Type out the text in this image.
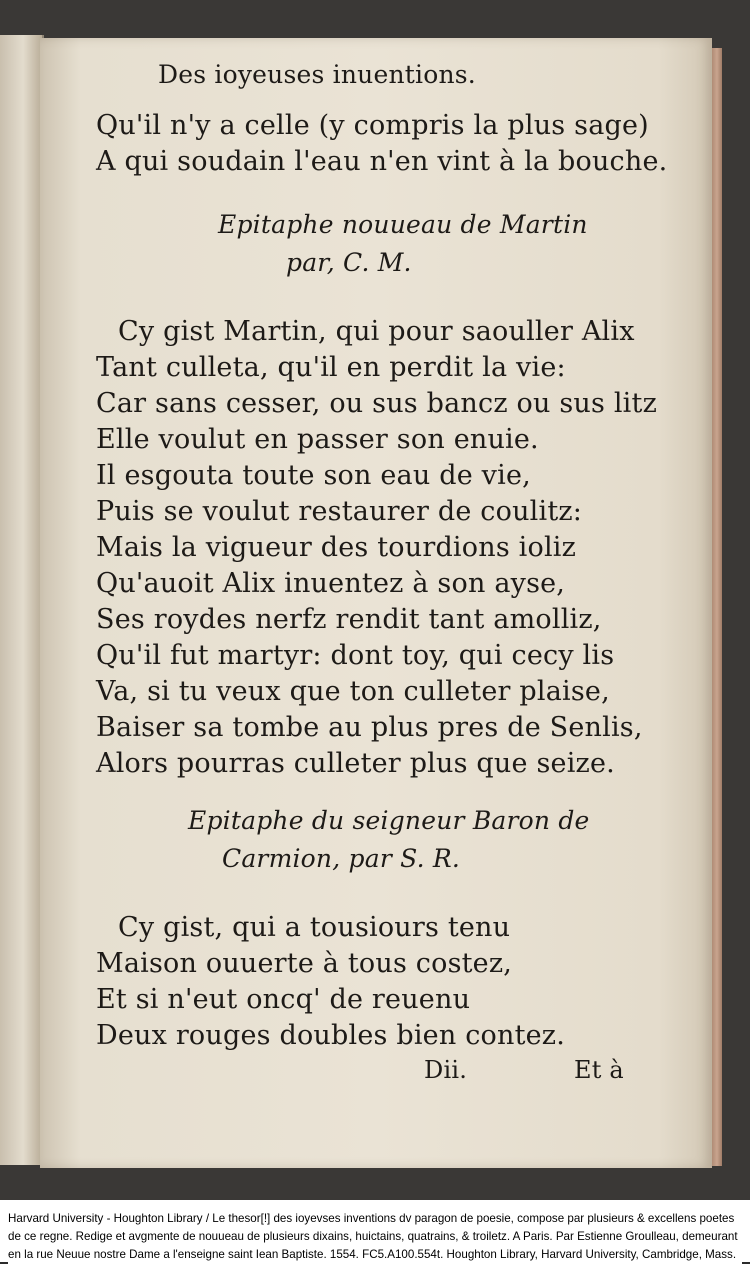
Des ioyeuses inuentions.
Qu'il n'y a celle (y compris la plus sage)
A qui soudain l'eau n'en vint à la bouche.
Epitaphe nouueau de Martin
par, C. M.
Cy gist Martin, qui pour saouller Alix
Tant culleta, qu'il en perdit la vie:
Car sans cesser, ou sus bancz ou sus litz
Elle voulut en passer son enuie.
Il esgouta toute son eau de vie,
Puis se voulut restaurer de coulitz:
Mais la vigueur des tourdions ioliz
Qu'auoit Alix inuentez à son ayse,
Ses roydes nerfz rendit tant amolliz,
Qu'il fut martyr: dont toy, qui cecy lis
Va, si tu veux que ton culleter plaise,
Baiser sa tombe au plus pres de Senlis,
Alors pourras culleter plus que seize.
Epitaphe du seigneur Baron de
Carmion, par S. R.
Cy gist, qui a tousiours tenu
Maison ouuerte à tous costez,
Et si n'eut oncq' de reuenu
Deux rouges doubles bien contez.
Dii.	Et à
Harvard University - Houghton Library / Le thesor[!] des ioyevses inventions dv paragon de poesie, compose par plusieurs & excellens poetes de ce regne. Redige et avgmente de nouueau de plusieurs dixains, huictains, quatrains, & troiletz. A Paris. Par Estienne Groulleau, demeurant en la rue Neuue nostre Dame a l'enseigne saint Iean Baptiste. 1554. FC5.A100.554t. Houghton Library, Harvard University, Cambridge, Mass.
